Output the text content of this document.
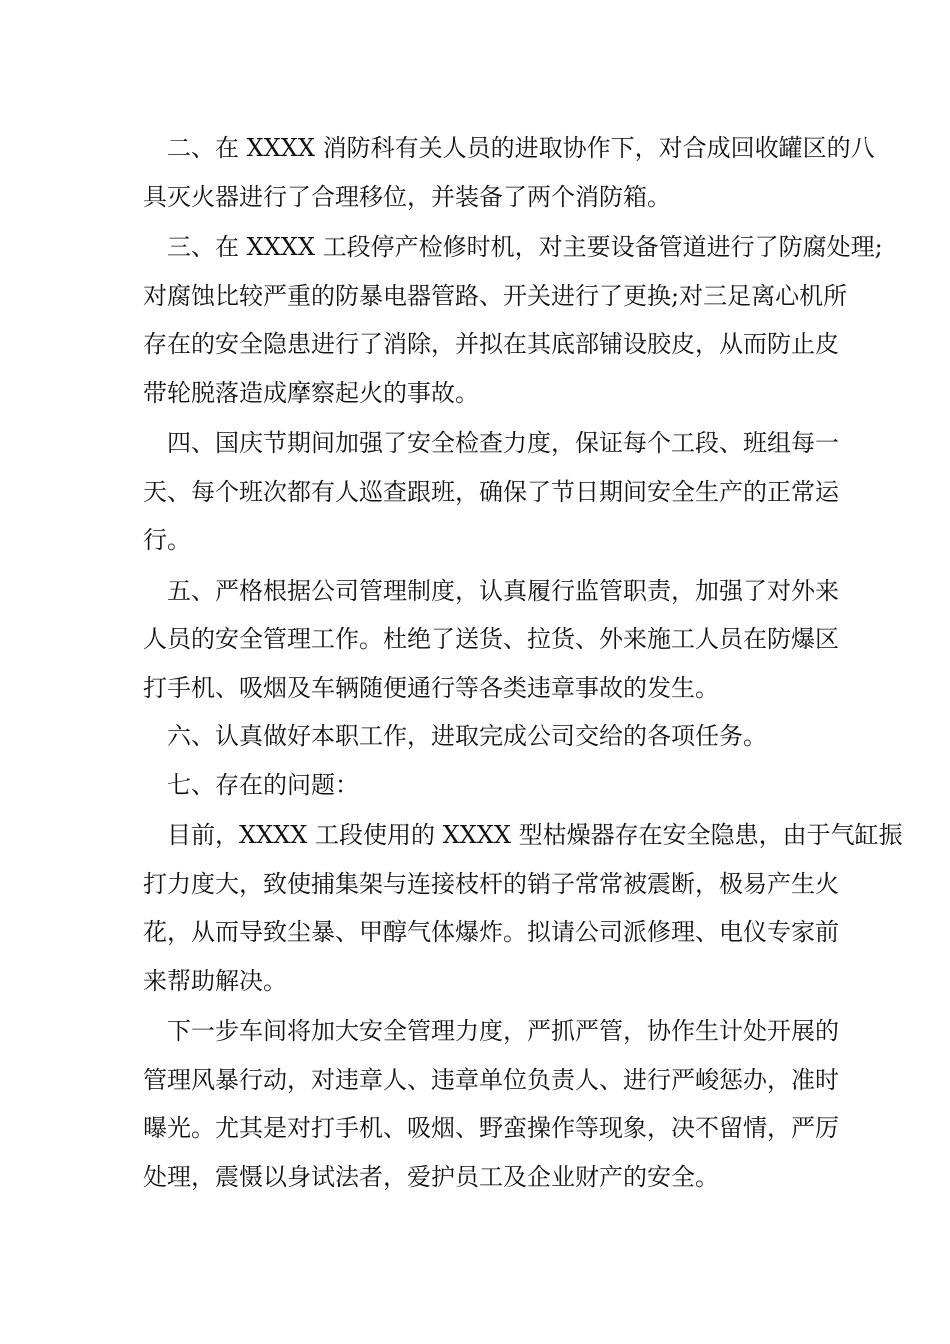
　二、在 XXXX 消防科有关人员的进取协作下，对合成回收罐区的八
具灭火器进行了合理移位，并装备了两个消防箱。
　三、在 XXXX 工段停产检修时机，对主要设备管道进行了防腐处理;
对腐蚀比较严重的防暴电器管路、开关进行了更换;对三足离心机所
存在的安全隐患进行了消除，并拟在其底部铺设胶皮，从而防止皮
带轮脱落造成摩察起火的事故。
　四、国庆节期间加强了安全检查力度，保证每个工段、班组每一
天、每个班次都有人巡查跟班，确保了节日期间安全生产的正常运
行。
　五、严格根据公司管理制度，认真履行监管职责，加强了对外来
人员的安全管理工作。杜绝了送货、拉货、外来施工人员在防爆区
打手机、吸烟及车辆随便通行等各类违章事故的发生。
　六、认真做好本职工作，进取完成公司交给的各项任务。
　七、存在的问题：
　目前，XXXX 工段使用的 XXXX 型枯燥器存在安全隐患，由于气缸振
打力度大，致使捕集架与连接枝杆的销子常常被震断，极易产生火
花，从而导致尘暴、甲醇气体爆炸。拟请公司派修理、电仪专家前
来帮助解决。
　下一步车间将加大安全管理力度，严抓严管，协作生计处开展的
管理风暴行动，对违章人、违章单位负责人、进行严峻惩办，准时
曝光。尤其是对打手机、吸烟、野蛮操作等现象，决不留情，严厉
处理，震慑以身试法者，爱护员工及企业财产的安全。
